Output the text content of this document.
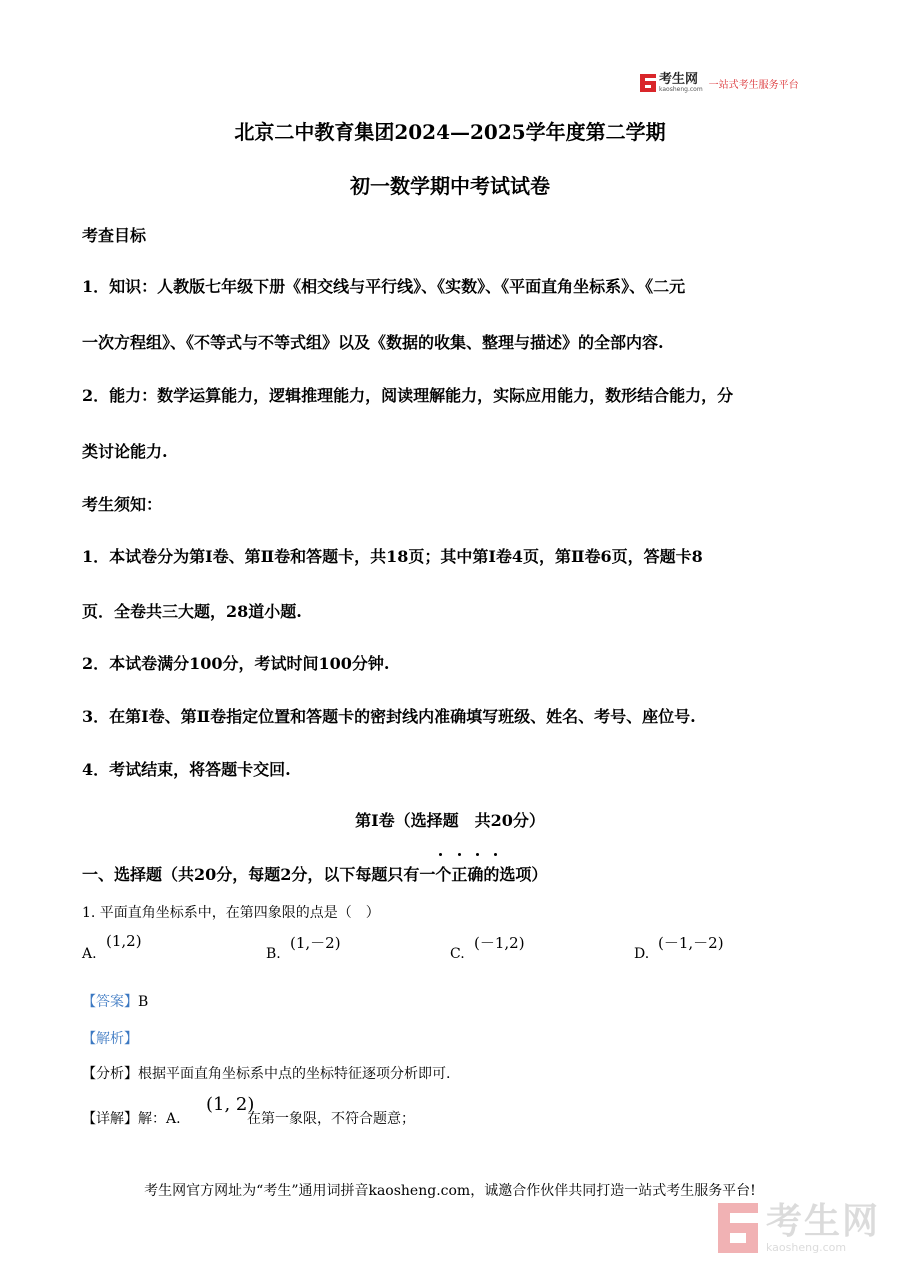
考生网
kaosheng.com 一站式考生服务平台
北京二中教育集团2024—2025学年度第二学期
初一数学期中考试试卷
考查目标
1．知识：人教版七年级下册《相交线与平行线》、《实数》、《平面直角坐标系》、《二元
一次方程组》、《不等式与不等式组》以及《数据的收集、整理与描述》的全部内容.
2．能力：数学运算能力，逻辑推理能力，阅读理解能力，实际应用能力，数形结合能力，分
类讨论能力.
考生须知：
1．本试卷分为第Ⅰ卷、第Ⅱ卷和答题卡，共18页；其中第Ⅰ卷4页，第Ⅱ卷6页，答题卡8
页．全卷共三大题，28道小题.
2．本试卷满分100分，考试时间100分钟.
3．在第Ⅰ卷、第Ⅱ卷指定位置和答题卡的密封线内准确填写班级、姓名、考号、座位号.
4．考试结束，将答题卡交回.
第Ⅰ卷（选择题　共20分）
一、选择题（共20分，每题2分，以下每题只有一个正确的选项）
1. 平面直角坐标系中，在第四象限的点是（　）
A.
(1,2)
B.
(1,－2)
C.
(－1,2)
D.
(－1,－2)
【答案】B
【解析】
【分析】根据平面直角坐标系中点的坐标特征逐项分析即可.
【详解】解：A.
(1, 2)
在第一象限，不符合题意；
考生网官方网址为“考生”通用词拼音kaosheng.com，诚邀合作伙伴共同打造一站式考生服务平台!
考生网
kaosheng.com
